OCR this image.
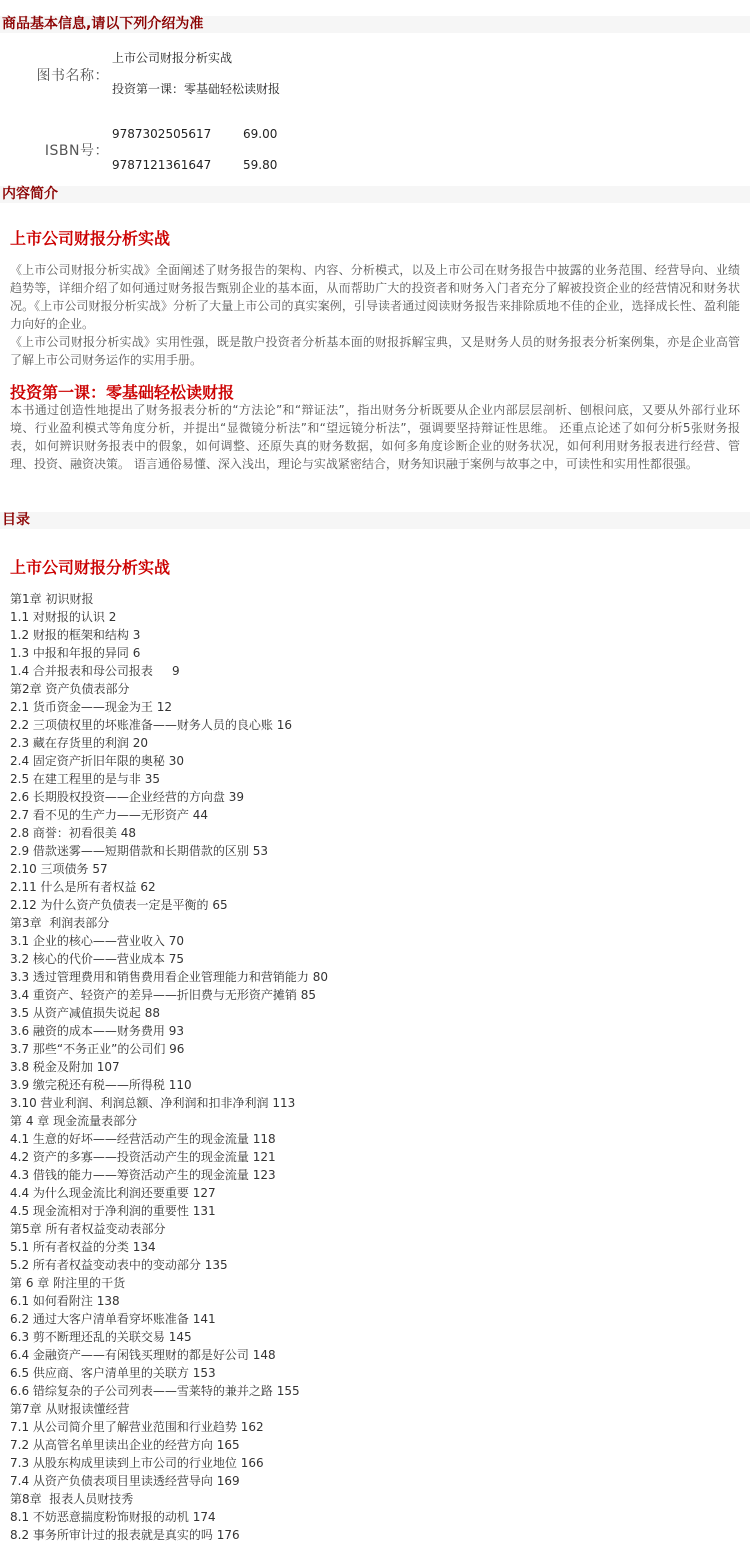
商品基本信息,请以下列介绍为准
图书名称：
上市公司财报分析实战
投资第一课：零基础轻松读财报
ISBN号：
9787302505617	69.00
9787121361647	59.80
内容简介
上市公司财报分析实战

《上市公司财报分析实战》全面阐述了财务报告的架构、内容、分析模式，以及上市公司在财务报告中披露的业务范围、经营导向、业绩趋势等，详细介绍了如何通过财务报告甄别企业的基本面，从而帮助广大的投资者和财务入门者充分了解被投资企业的经营情况和财务状况。《上市公司财报分析实战》分析了大量上市公司的真实案例，引导读者通过阅读财务报告来排除质地不佳的企业，选择成长性、盈利能力向好的企业。

《上市公司财报分析实战》实用性强，既是散户投资者分析基本面的财报拆解宝典，又是财务人员的财务报表分析案例集，亦是企业高管了解上市公司财务运作的实用手册。

投资第一课：零基础轻松读财报

本书通过创造性地提出了财务报表分析的“方法论”和“辩证法”，指出财务分析既要从企业内部层层剖析、刨根问底，又要从外部行业环境、行业盈利模式等角度分析，并提出“显微镜分析法”和“望远镜分析法”，强调要坚持辩证性思维。 还重点论述了如何分析5张财务报表，如何辨识财务报表中的假象，如何调整、还原失真的财务数据，如何多角度诊断企业的财务状况，如何利用财务报表进行经营、管理、投资、融资决策。 语言通俗易懂、深入浅出，理论与实战紧密结合，财务知识融于案例与故事之中，可读性和实用性都很强。

目录
上市公司财报分析实战
第1章 初识财报
1.1 对财报的认识 2
1.2 财报的框架和结构 3
1.3 中报和年报的异同 6
1.4 合并报表和母公司报表     9
第2章 资产负债表部分
2.1 货币资金——现金为王 12
2.2 三项债权里的坏账准备——财务人员的良心账 16
2.3 藏在存货里的利润 20
2.4 固定资产折旧年限的奥秘 30
2.5 在建工程里的是与非 35
2.6 长期股权投资——企业经营的方向盘 39
2.7 看不见的生产力——无形资产 44
2.8 商誉：初看很美 48
2.9 借款迷雾——短期借款和长期借款的区别 53
2.10 三项债务 57
2.11 什么是所有者权益 62
2.12 为什么资产负债表一定是平衡的 65
第3章  利润表部分
3.1 企业的核心——营业收入 70
3.2 核心的代价——营业成本 75
3.3 透过管理费用和销售费用看企业管理能力和营销能力 80
3.4 重资产、轻资产的差异——折旧费与无形资产摊销 85
3.5 从资产减值损失说起 88
3.6 融资的成本——财务费用 93
3.7 那些“不务正业”的公司们 96
3.8 税金及附加 107
3.9 缴完税还有税——所得税 110
3.10 营业利润、利润总额、净利润和扣非净利润 113
第 4 章 现金流量表部分
4.1 生意的好坏——经营活动产生的现金流量 118
4.2 资产的多寡——投资活动产生的现金流量 121
4.3 借钱的能力——筹资活动产生的现金流量 123
4.4 为什么现金流比利润还要重要 127
4.5 现金流相对于净利润的重要性 131
第5章 所有者权益变动表部分
5.1 所有者权益的分类 134
5.2 所有者权益变动表中的变动部分 135
第 6 章 附注里的干货
6.1 如何看附注 138
6.2 通过大客户清单看穿坏账准备 141
6.3 剪不断理还乱的关联交易 145
6.4 金融资产——有闲钱买理财的都是好公司 148
6.5 供应商、客户清单里的关联方 153
6.6 错综复杂的子公司列表——雪莱特的兼并之路 155
第7章 从财报读懂经营
7.1 从公司简介里了解营业范围和行业趋势 162
7.2 从高管名单里读出企业的经营方向 165
7.3 从股东构成里读到上市公司的行业地位 166
7.4 从资产负债表项目里读透经营导向 169
第8章  报表人员财技秀
8.1 不妨恶意揣度粉饰财报的动机 174
8.2 事务所审计过的报表就是真实的吗 176
